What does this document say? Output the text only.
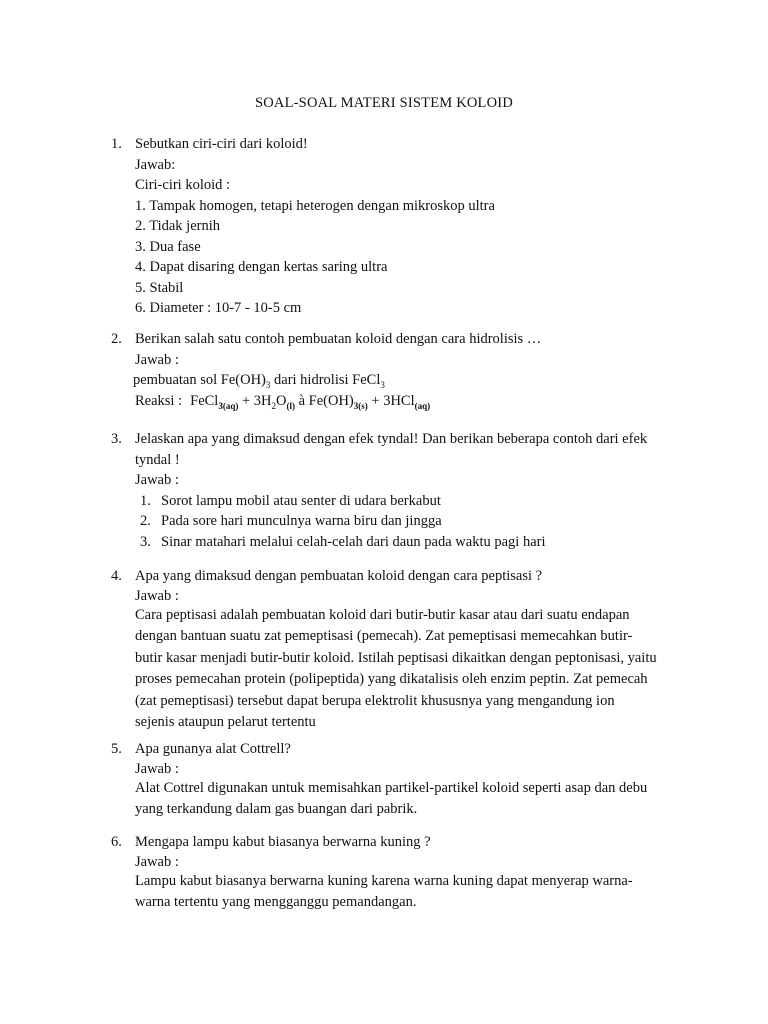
SOAL-SOAL MATERI SISTEM KOLOID
1. Sebutkan ciri-ciri dari koloid!
Jawab:
Ciri-ciri koloid :
1. Tampak homogen, tetapi heterogen dengan mikroskop ultra
2. Tidak jernih
3. Dua fase
4. Dapat disaring dengan kertas saring ultra
5. Stabil
6. Diameter : 10-7 - 10-5 cm
2. Berikan salah satu contoh pembuatan koloid dengan cara hidrolisis …
Jawab :
pembuatan sol $Fe(OH)_3$ dari hidrolisi FeCl$_3$
Reaksi : FeCl$_{3(aq)}$ + $3H_2O_{(l)}$ à $Fe(OH)_{3(s)} + 3HCl_{(aq)}$
3. Jelaskan apa yang dimaksud dengan efek tyndal! Dan berikan beberapa contoh dari efek
tyndal !
Jawab :
1. Sorot lampu mobil atau senter di udara berkabut
2. Pada sore hari munculnya warna biru dan jingga
3. Sinar matahari melalui celah-celah dari daun pada waktu pagi hari
4. Apa yang dimaksud dengan pembuatan koloid dengan cara peptisasi ?
Jawab :
Cara peptisasi adalah pembuatan koloid dari butir-butir kasar atau dari suatu endapan
dengan bantuan suatu zat pemeptisasi (pemecah). Zat pemeptisasi memecahkan butir-
butir kasar menjadi butir-butir koloid. Istilah peptisasi dikaitkan dengan peptonisasi, yaitu
proses pemecahan protein (polipeptida) yang dikatalisis oleh enzim peptin. Zat pemecah
(zat pemeptisasi) tersebut dapat berupa elektrolit khususnya yang mengandung ion
sejenis ataupun pelarut tertentu
5. Apa gunanya alat Cottrell?
Jawab :
Alat Cottrel digunakan untuk memisahkan partikel-partikel koloid seperti asap dan debu
yang terkandung dalam gas buangan dari pabrik.
6. Mengapa lampu kabut biasanya berwarna kuning ?
Jawab :
Lampu kabut biasanya berwarna kuning karena warna kuning dapat menyerap warna-
warna tertentu yang mengganggu pemandangan.
